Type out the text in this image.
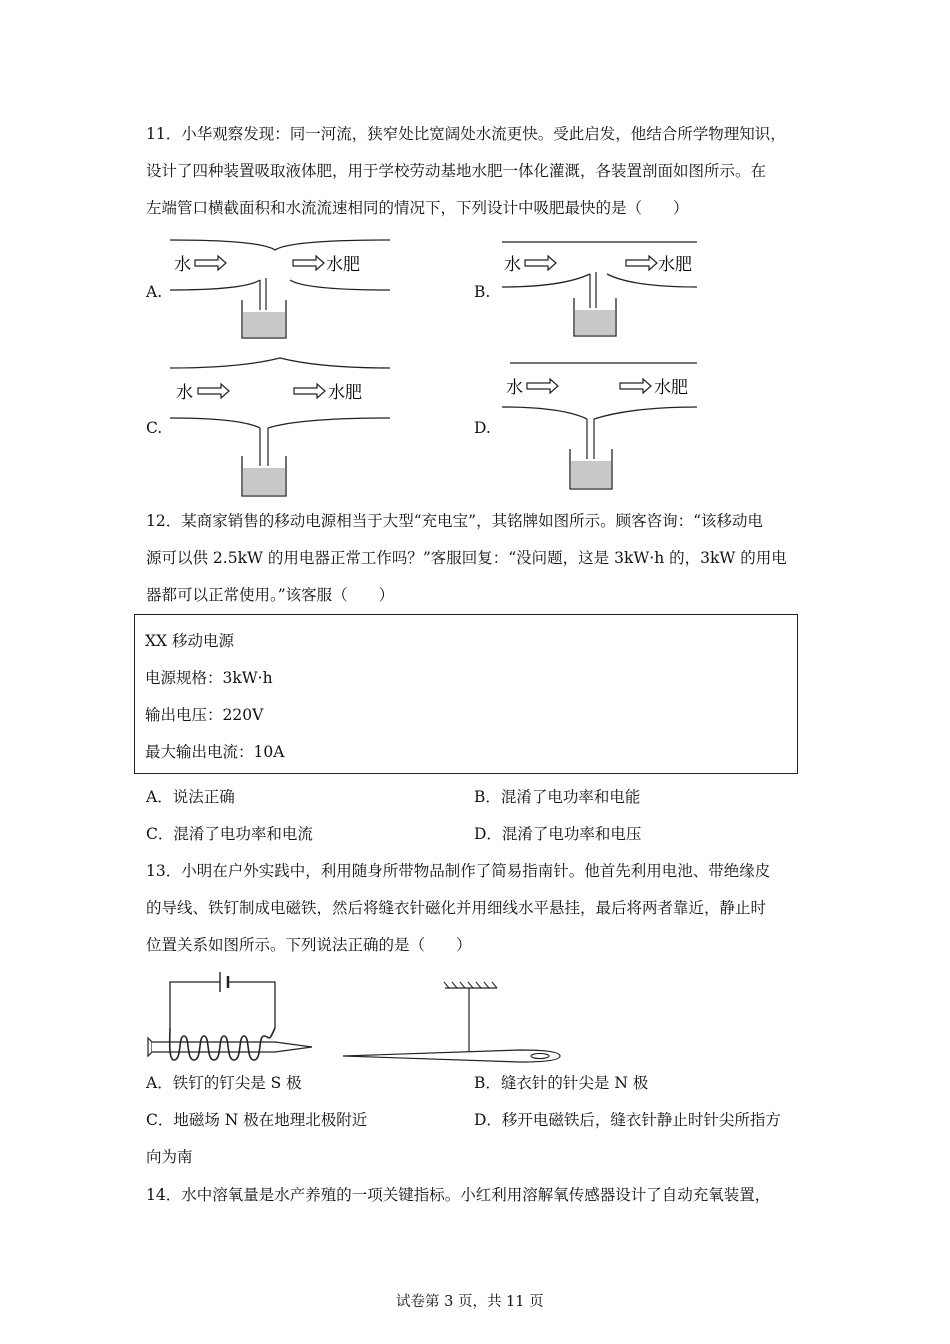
11．小华观察发现：同一河流，狭窄处比宽阔处水流更快。受此启发，他结合所学物理知识，
设计了四种装置吸取液体肥，用于学校劳动基地水肥一体化灌溉，各装置剖面如图所示。在
左端管口横截面积和水流流速相同的情况下，下列设计中吸肥最快的是（　　）
A.	B.
C.	D.
水	水肥	水	水肥
水	水肥	水	水肥
12．某商家销售的移动电源相当于大型“充电宝”，其铭牌如图所示。顾客咨询：“该移动电
源可以供 2.5kW 的用电器正常工作吗？”客服回复：“没问题，这是 3kW·h 的，3kW 的用电
器都可以正常使用。”该客服（　　）
XX 移动电源
电源规格：3kW·h
输出电压：220V
最大输出电流：10A
A．说法正确	B．混淆了电功率和电能
C．混淆了电功率和电流	D．混淆了电功率和电压
13．小明在户外实践中，利用随身所带物品制作了简易指南针。他首先利用电池、带绝缘皮
的导线、铁钉制成电磁铁，然后将缝衣针磁化并用细线水平悬挂，最后将两者靠近，静止时
位置关系如图所示。下列说法正确的是（　　）
A．铁钉的钉尖是 S 极	B．缝衣针的针尖是 N 极
C．地磁场 N 极在地理北极附近	D．移开电磁铁后，缝衣针静止时针尖所指方
向为南
14．水中溶氧量是水产养殖的一项关键指标。小红利用溶解氧传感器设计了自动充氧装置，
试卷第 3 页，共 11 页
